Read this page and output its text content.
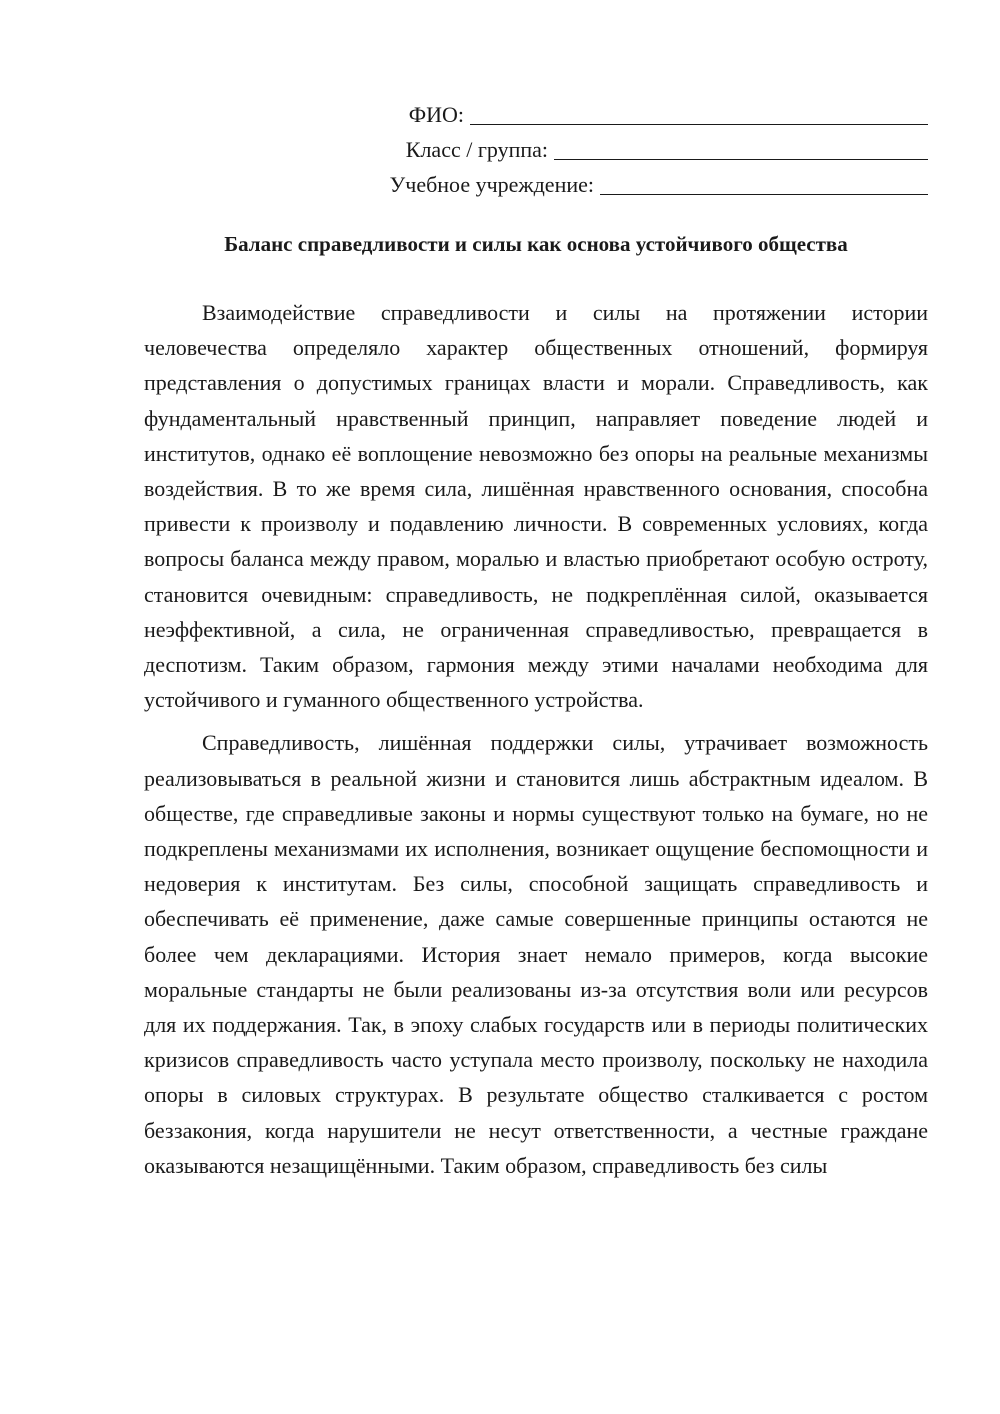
ФИО:
Класс / группа:
Учебное учреждение:
Баланс справедливости и силы как основа устойчивого общества

Взаимодействие справедливости и силы на протяжении истории человечества определяло характер общественных отношений, формируя представления о допустимых границах власти и морали. Справедливость, как фундаментальный нравственный принцип, направляет поведение людей и институтов, однако её воплощение невозможно без опоры на реальные механизмы воздействия. В то же время сила, лишённая нравственного основания, способна привести к произволу и подавлению личности. В современных условиях, когда вопросы баланса между правом, моралью и властью приобретают особую остроту, становится очевидным: справедливость, не подкреплённая силой, оказывается неэффективной, а сила, не ограниченная справедливостью, превращается в деспотизм. Таким образом, гармония между этими началами необходима для устойчивого и гуманного общественного устройства.

Справедливость, лишённая поддержки силы, утрачивает возможность реализовываться в реальной жизни и становится лишь абстрактным идеалом. В обществе, где справедливые законы и нормы существуют только на бумаге, но не подкреплены механизмами их исполнения, возникает ощущение беспомощности и недоверия к институтам. Без силы, способной защищать справедливость и обеспечивать её применение, даже самые совершенные принципы остаются не более чем декларациями. История знает немало примеров, когда высокие моральные стандарты не были реализованы из-за отсутствия воли или ресурсов для их поддержания. Так, в эпоху слабых государств или в периоды политических кризисов справедливость часто уступала место произволу, поскольку не находила опоры в силовых структурах. В результате общество сталкивается с ростом беззакония, когда нарушители не несут ответственности, а честные граждане оказываются незащищёнными. Таким образом, справедливость без силы
